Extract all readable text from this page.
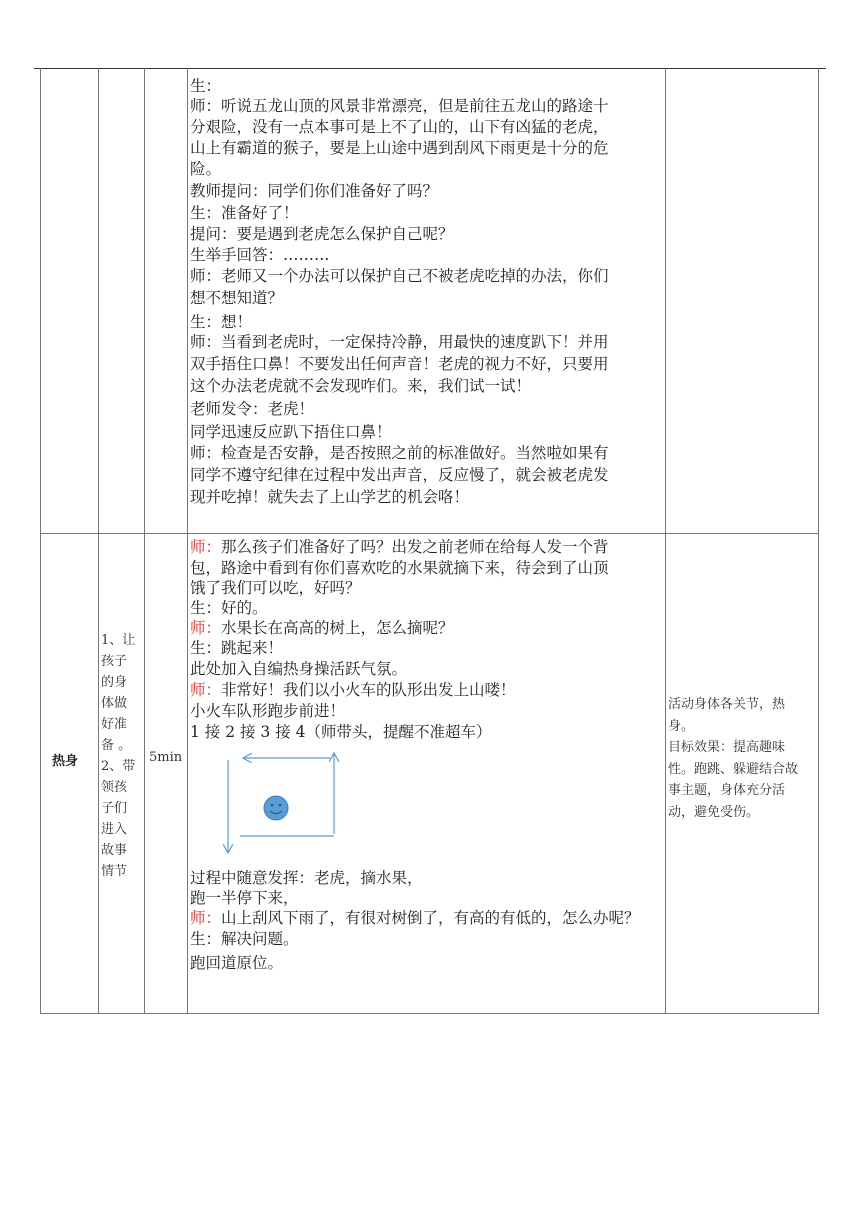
生：
师：听说五龙山顶的风景非常漂亮，但是前往五龙山的路途十
分艰险，没有一点本事可是上不了山的，山下有凶猛的老虎，
山上有霸道的猴子，要是上山途中遇到刮风下雨更是十分的危
险。
教师提问：同学们你们准备好了吗？
生：准备好了！
提问：要是遇到老虎怎么保护自己呢？
生举手回答：………
师：老师又一个办法可以保护自己不被老虎吃掉的办法，你们
想不想知道？
生：想！
师：当看到老虎时，一定保持冷静，用最快的速度趴下！并用
双手捂住口鼻！不要发出任何声音！老虎的视力不好，只要用
这个办法老虎就不会发现咋们。来，我们试一试！
老师发令：老虎！
同学迅速反应趴下捂住口鼻！
师：检查是否安静，是否按照之前的标准做好。当然啦如果有
同学不遵守纪律在过程中发出声音，反应慢了，就会被老虎发
现并吃掉！就失去了上山学艺的机会咯！
热身
1、让
孩子
的身
体做
好准
备 。
2、带
领孩
子们
进入
故事
情节
5min
师：那么孩子们准备好了吗？出发之前老师在给每人发一个背
包，路途中看到有你们喜欢吃的水果就摘下来，待会到了山顶
饿了我们可以吃，好吗？
生：好的。
师：水果长在高高的树上，怎么摘呢？
生：跳起来！
此处加入自编热身操活跃气氛。
师：非常好！我们以小火车的队形出发上山喽！
小火车队形跑步前进！
1 接 2 接 3 接 4（师带头，提醒不准超车）
过程中随意发挥：老虎，摘水果，
跑一半停下来，
师：山上刮风下雨了，有很对树倒了，有高的有低的，怎么办呢？
生：解决问题。
跑回道原位。
活动身体各关节，热
身。
目标效果：提高趣味
性。跑跳、躲避结合故
事主题，身体充分活
动，避免受伤。
